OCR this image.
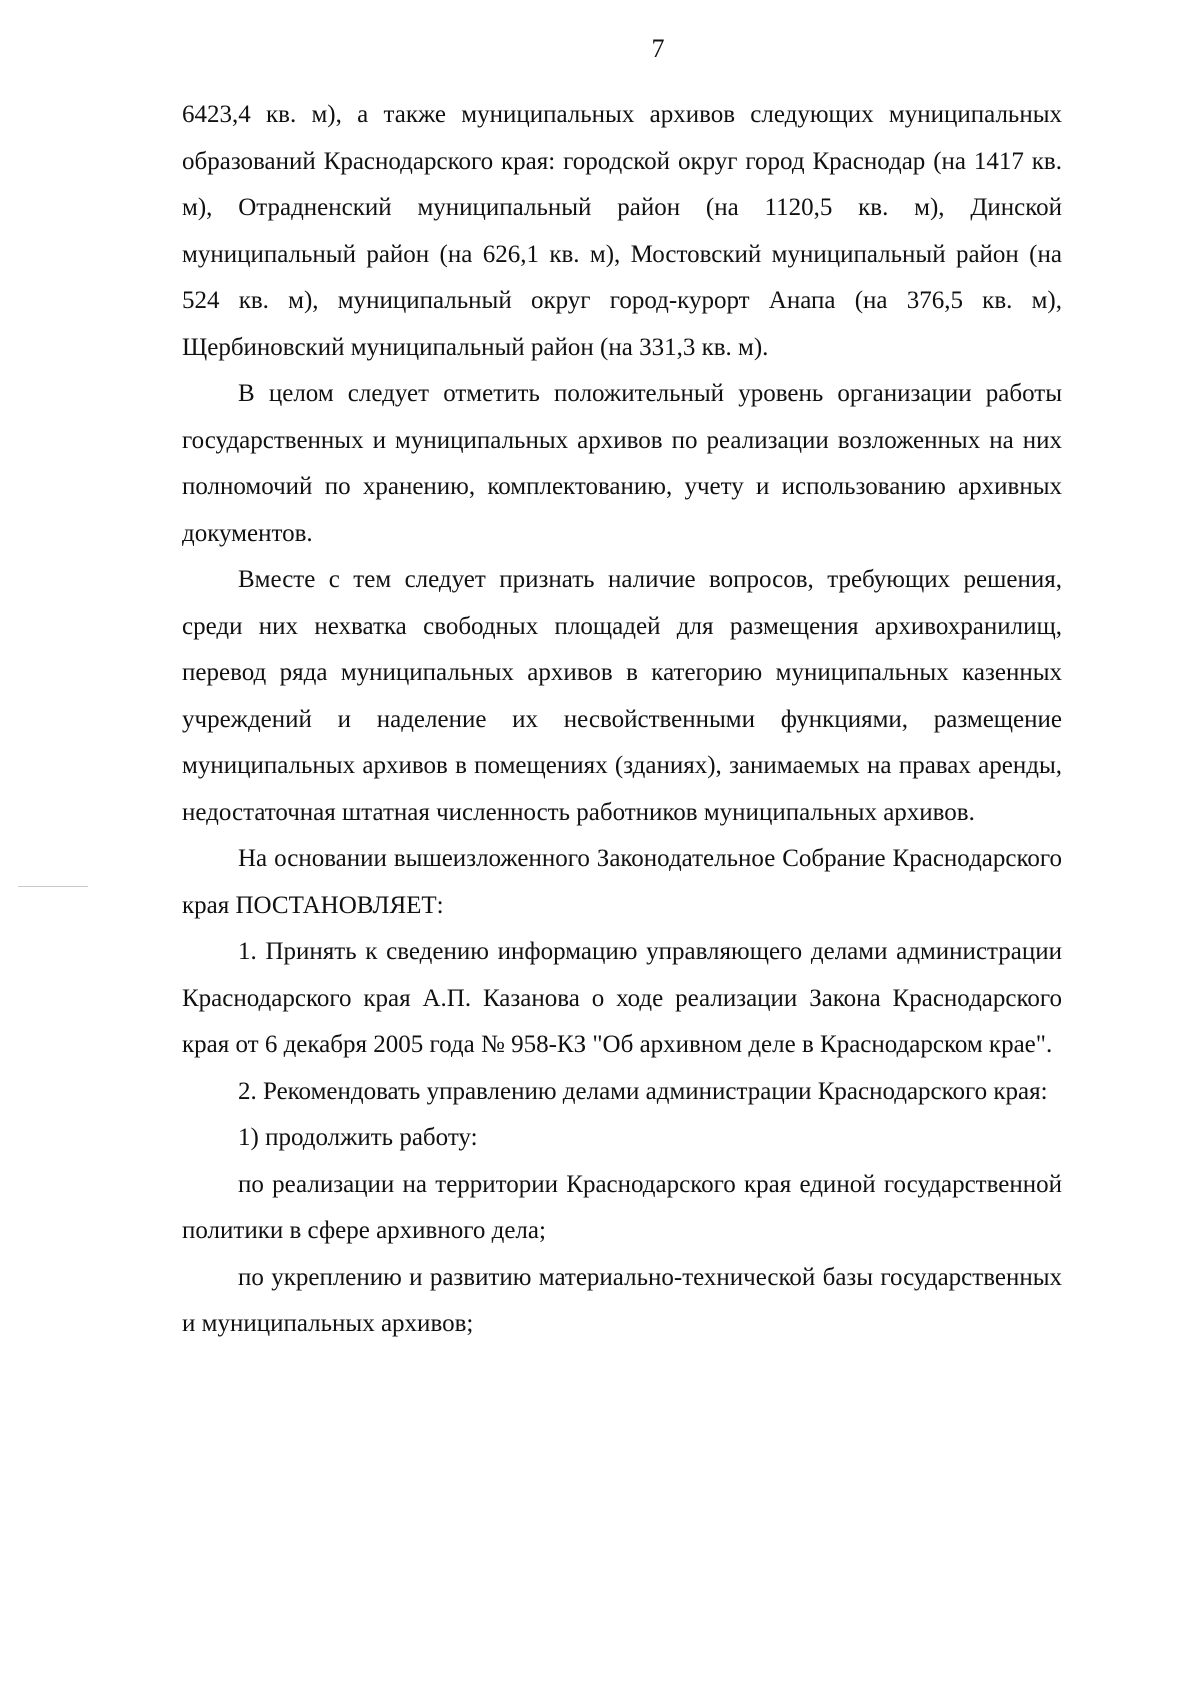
7

6423,4 кв. м), а также муниципальных архивов следующих муниципальных образований Краснодарского края: городской округ город Краснодар (на 1417 кв. м), Отрадненский муниципальный район (на 1120,5 кв. м), Динской муниципальный район (на 626,1 кв. м), Мостовский муниципальный район (на 524 кв. м), муниципальный округ город-курорт Анапа (на 376,5 кв. м), Щербиновский муниципальный район (на 331,3 кв. м).

В целом следует отметить положительный уровень организации работы государственных и муниципальных архивов по реализации возложенных на них полномочий по хранению, комплектованию, учету и использованию архивных документов.

Вместе с тем следует признать наличие вопросов, требующих решения, среди них нехватка свободных площадей для размещения архивохранилищ, перевод ряда муниципальных архивов в категорию муниципальных казенных учреждений и наделение их несвойственными функциями, размещение муниципальных архивов в помещениях (зданиях), занимаемых на правах аренды, недостаточная штатная численность работников муниципальных архивов.

На основании вышеизложенного Законодательное Собрание Краснодарского края ПОСТАНОВЛЯЕТ:

1. Принять к сведению информацию управляющего делами администрации Краснодарского края А.П. Казанова о ходе реализации Закона Краснодарского края от 6 декабря 2005 года № 958-КЗ "Об архивном деле в Краснодарском крае".

2. Рекомендовать управлению делами администрации Краснодарского края:

1) продолжить работу:

по реализации на территории Краснодарского края единой государственной политики в сфере архивного дела;

по укреплению и развитию материально-технической базы государственных и муниципальных архивов;
